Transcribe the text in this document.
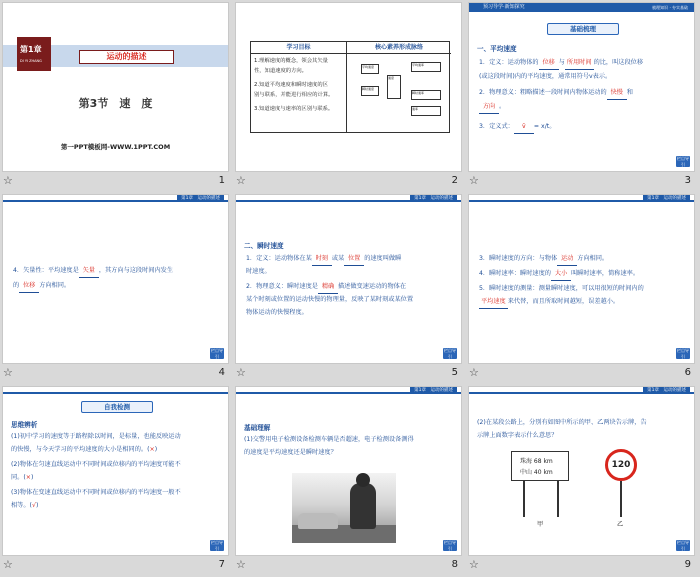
第1章
DI YI ZHANG	运动的描述
第3节　速　度
第一PPT模板网-WWW.1PPT.COM
☆	1
学习目标	核心素养形成脉络
1.理解速度的概念，领会其矢量
性，知道速度的方向。
2.知道平均速度和瞬时速度的区
别与联系，并能进行相应的计算。
3.知道速度与速率的区别与联系。
平均速度
瞬时速度
速度
平均速率
瞬时速率
速率
☆	2
预习导学·新知探究	梳理知识 · 夯实基础
基础梳理
一、平均速度
1．定义：运动物体的 位移 与 所用时间 的比，叫这段位移
(或这段时间)内的平均速度，通常用符号v表示。
2．物理意义：粗略描述一段时间内物体运动的 快慢 和
方向 。
3．定义式： v̄ = x/t。
栏目导引
☆	3
第1章　运动的描述
4．矢量性：平均速度是 矢量 ，其方向与这段时间内发生
的 位移 方向相同。
栏目导引
☆	4
第1章　运动的描述
二、瞬时速度
1．定义：运动物体在某 时刻 或某 位置 的速度叫做瞬
时速度。
2．物理意义：瞬时速度是 精确 描述做变速运动的物体在
某个时刻或位置的运动快慢的物理量，反映了某时刻或某位置
物体运动的快慢程度。
栏目导引
☆	5
第1章　运动的描述
3．瞬时速度的方向：与物体 运动 方向相同。
4．瞬时速率：瞬时速度的 大小 叫瞬时速率，简称速率。
5．瞬时速度的测量：测量瞬时速度，可以用很短的时间内的
平均速度 来代替，而且所取时间越短，误差越小。
栏目导引
☆	6
自我检测
思维辨析
(1)初中学习的速度等于路程除以时间，是标量，也能反映运动
的快慢，与今天学习的平均速度的大小是相同的。(×)
(2)物体在匀速直线运动中不同时间或位移内的平均速度可能不
同。(×)
(3)物体在变速直线运动中不同时间或位移内的平均速度一般不
相等。(√)
栏目导引
☆	7
第1章　运动的描述
基础理解
(1)交警用电子检测设备检测车辆是否超速，电子检测设备测得
的速度是平均速度还是瞬时速度？
栏目导引
☆	8
第1章　运动的描述
(2)在某段公路上，分别有如图中所示的甲、乙两块告示牌，告
示牌上面数字表示什么意思？
珠海 68 km
中山 40 km
120
甲	乙
栏目导引
☆	9
